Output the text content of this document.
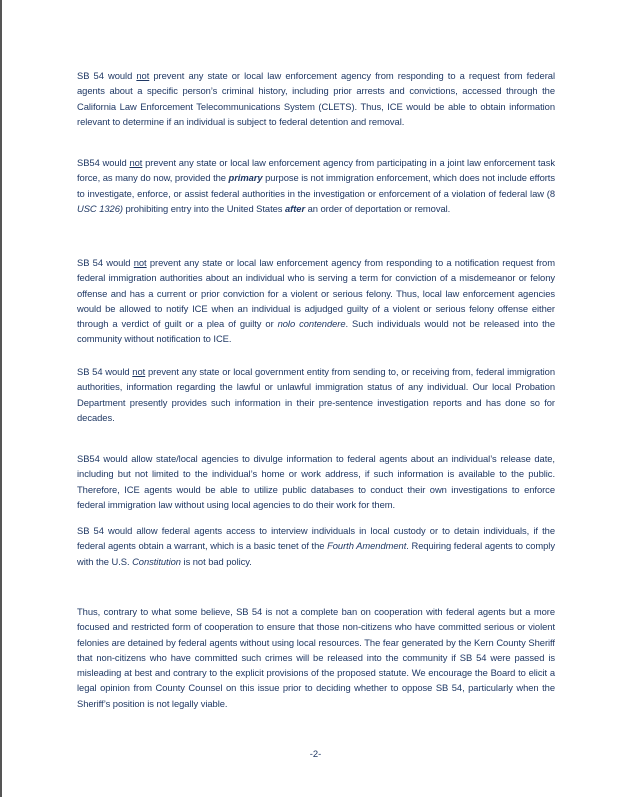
SB 54 would not prevent any state or local law enforcement agency from responding to a request from federal agents about a specific person’s criminal history, including prior arrests and convictions, accessed through the California Law Enforcement Telecommunications System (CLETS). Thus, ICE would be able to obtain information relevant to determine if an individual is subject to federal detention and removal.

SB54 would not prevent any state or local law enforcement agency from participating in a joint law enforcement task force, as many do now, provided the primary purpose is not immigration enforcement, which does not include efforts to investigate, enforce, or assist federal authorities in the investigation or enforcement of a violation of federal law (8 USC 1326) prohibiting entry into the United States after an order of deportation or removal.

SB 54 would not prevent any state or local law enforcement agency from responding to a notification request from federal immigration authorities about an individual who is serving a term for conviction of a misdemeanor or felony offense and has a current or prior conviction for a violent or serious felony. Thus, local law enforcement agencies would be allowed to notify ICE when an individual is adjudged guilty of a violent or serious felony offense either through a verdict of guilt or a plea of guilty or nolo contendere. Such individuals would not be released into the community without notification to ICE.

SB 54 would not prevent any state or local government entity from sending to, or receiving from, federal immigration authorities, information regarding the lawful or unlawful immigration status of any individual. Our local Probation Department presently provides such information in their pre-sentence investigation reports and has done so for decades.

SB54 would allow state/local agencies to divulge information to federal agents about an individual’s release date, including but not limited to the individual’s home or work address, if such information is available to the public. Therefore, ICE agents would be able to utilize public databases to conduct their own investigations to enforce federal immigration law without using local agencies to do their work for them.

SB 54 would allow federal agents access to interview individuals in local custody or to detain individuals, if the federal agents obtain a warrant, which is a basic tenet of the Fourth Amendment. Requiring federal agents to comply with the U.S. Constitution is not bad policy.

Thus, contrary to what some believe, SB 54 is not a complete ban on cooperation with federal agents but a more focused and restricted form of cooperation to ensure that those non-citizens who have committed serious or violent felonies are detained by federal agents without using local resources. The fear generated by the Kern County Sheriff that non-citizens who have committed such crimes will be released into the community if SB 54 were passed is misleading at best and contrary to the explicit provisions of the proposed statute. We encourage the Board to elicit a legal opinion from County Counsel on this issue prior to deciding whether to oppose SB 54, particularly when the Sheriff’s position is not legally viable.

-2-
